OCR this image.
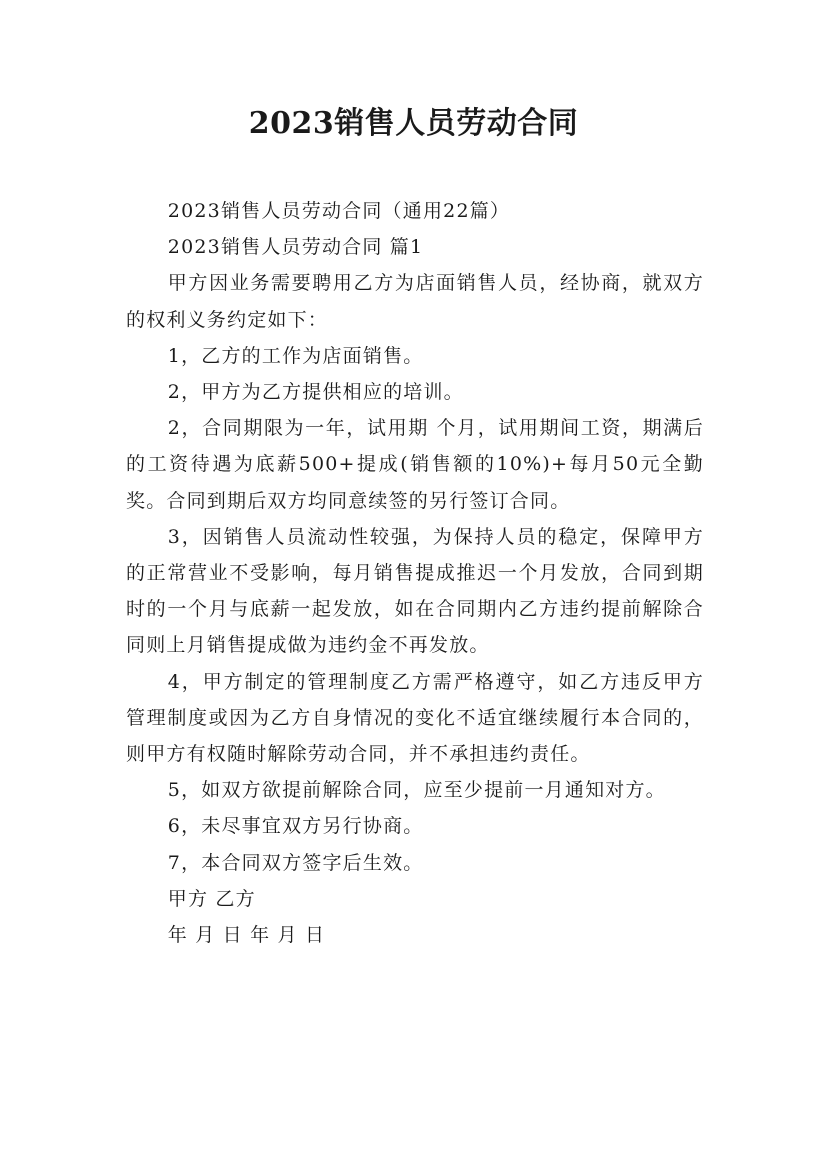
2023销售人员劳动合同

2023销售人员劳动合同（通用22篇）

2023销售人员劳动合同 篇1

甲方因业务需要聘用乙方为店面销售人员，经协商，就双方的权利义务约定如下：

1，乙方的工作为店面销售。

2，甲方为乙方提供相应的培训。

2，合同期限为一年，试用期 个月，试用期间工资，期满后的工资待遇为底薪500+提成(销售额的10%)+每月50元全勤奖。合同到期后双方均同意续签的另行签订合同。

3，因销售人员流动性较强，为保持人员的稳定，保障甲方的正常营业不受影响，每月销售提成推迟一个月发放，合同到期时的一个月与底薪一起发放，如在合同期内乙方违约提前解除合同则上月销售提成做为违约金不再发放。

4，甲方制定的管理制度乙方需严格遵守，如乙方违反甲方管理制度或因为乙方自身情况的变化不适宜继续履行本合同的，则甲方有权随时解除劳动合同，并不承担违约责任。

5，如双方欲提前解除合同，应至少提前一月通知对方。

6，未尽事宜双方另行协商。

7，本合同双方签字后生效。

甲方 乙方

年 月 日 年 月 日
